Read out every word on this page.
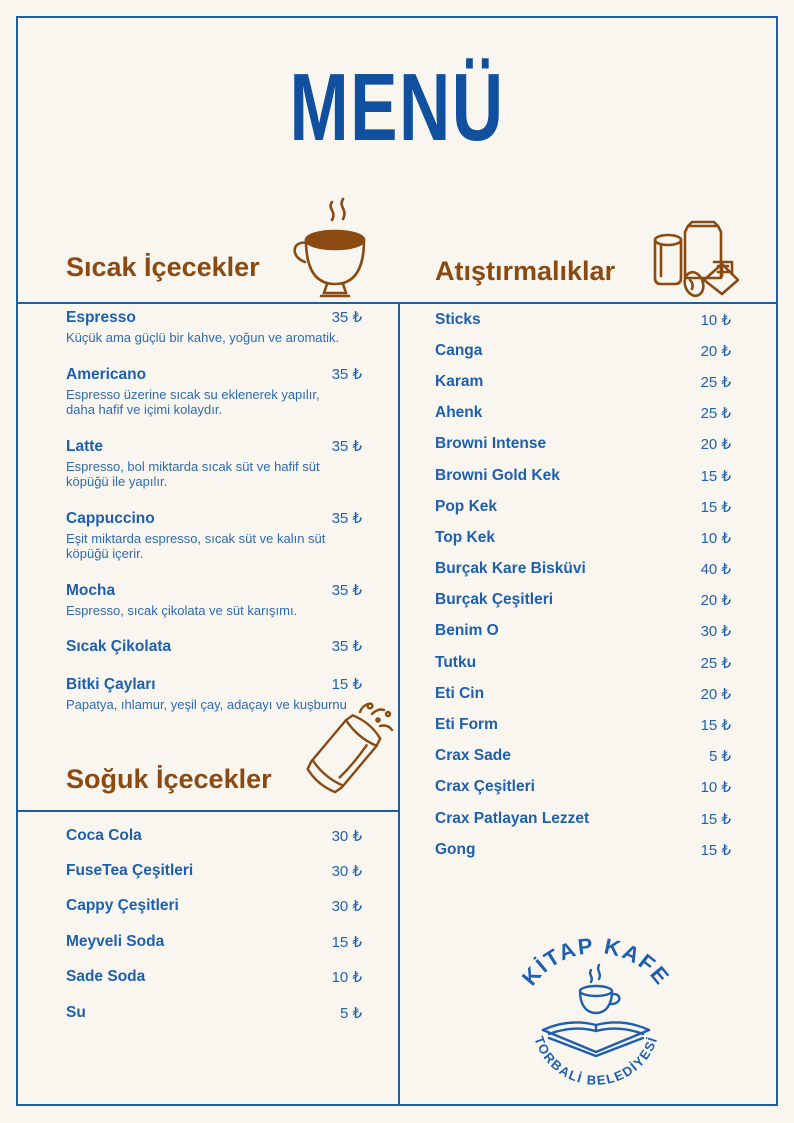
MENÜ
Sıcak İçecekler	Atıştırmalıklar
Soğuk İçecekler
Espresso	35 ₺
Küçük ama güçlü bir kahve, yoğun ve aromatik.
Americano	35 ₺
Espresso üzerine sıcak su eklenerek yapılır, daha hafif ve içimi kolaydır.
Latte	35 ₺
Espresso, bol miktarda sıcak süt ve hafif süt köpüğü ile yapılır.
Cappuccino	35 ₺
Eşit miktarda espresso, sıcak süt ve kalın süt köpüğü içerir.
Mocha	35 ₺
Espresso, sıcak çikolata ve süt karışımı.
Sıcak Çikolata	35 ₺
Bitki Çayları	15 ₺
Papatya, ıhlamur, yeşil çay, adaçayı ve kuşburnu
Sticks	10 ₺
Canga	20 ₺
Karam	25 ₺
Ahenk	25 ₺
Browni Intense	20 ₺
Browni Gold Kek	15 ₺
Pop Kek	15 ₺
Top Kek	10 ₺
Burçak Kare Bisküvi	40 ₺
Burçak Çeşitleri	20 ₺
Benim O	30 ₺
Tutku	25 ₺
Eti Cin	20 ₺
Eti Form	15 ₺
Crax Sade	5 ₺
Crax Çeşitleri	10 ₺
Crax Patlayan Lezzet	15 ₺
Gong	15 ₺
Coca Cola	30 ₺
FuseTea Çeşitleri	30 ₺
Cappy Çeşitleri	30 ₺
Meyveli Soda	15 ₺
Sade Soda	10 ₺
Su	5 ₺
KİTAP KAFE
TORBALİ BELEDİYESİ
